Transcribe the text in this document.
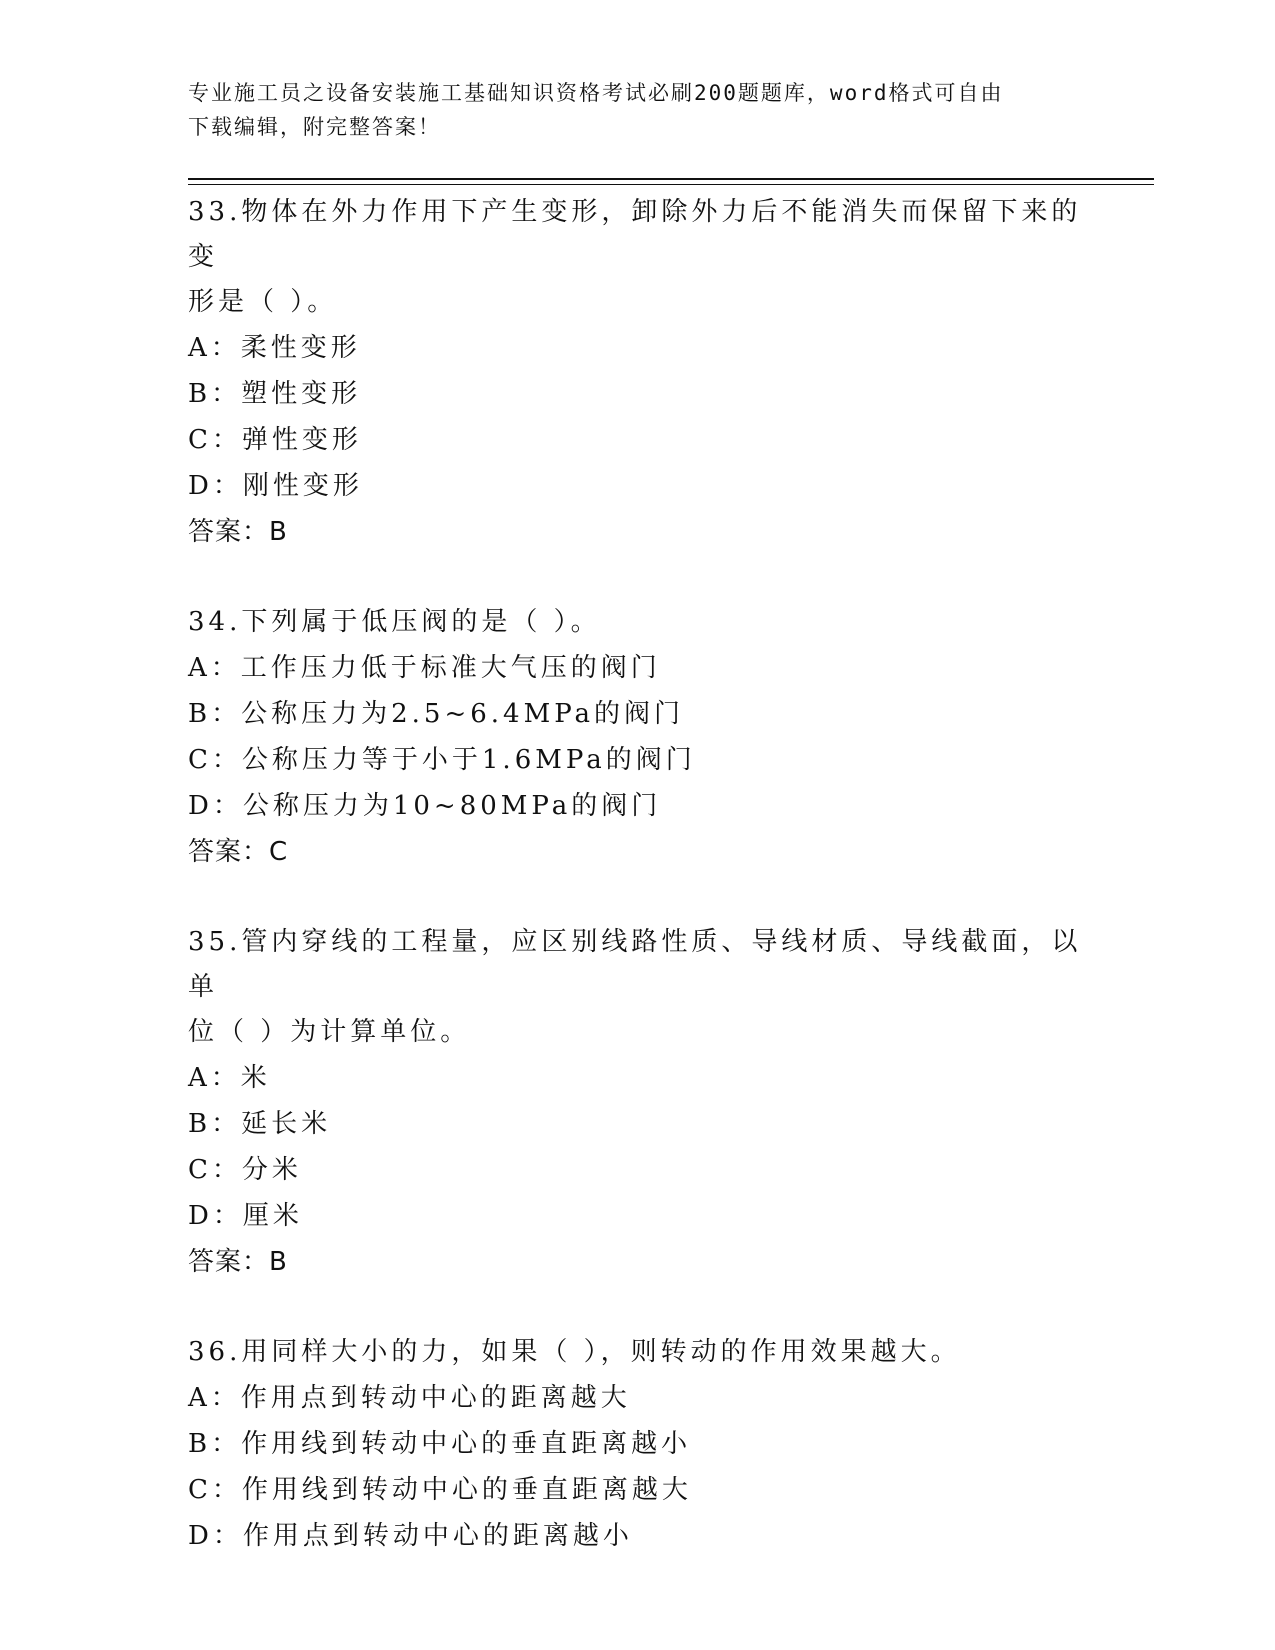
专业施工员之设备安装施工基础知识资格考试必刷200题题库，word格式可自由
下载编辑，附完整答案！
33.物体在外力作用下产生变形，卸除外力后不能消失而保留下来的变
形是（ ）。
A：柔性变形
B：塑性变形
C：弹性变形
D：刚性变形
答案：B
34.下列属于低压阀的是（ ）。
A：工作压力低于标准大气压的阀门
B：公称压力为2.5~6.4MPa的阀门
C：公称压力等于小于1.6MPa的阀门
D：公称压力为10~80MPa的阀门
答案：C
35.管内穿线的工程量，应区别线路性质、导线材质、导线截面，以单
位（ ）为计算单位。
A：米
B：延长米
C：分米
D：厘米
答案：B
36.用同样大小的力，如果（ ），则转动的作用效果越大。
A：作用点到转动中心的距离越大
B：作用线到转动中心的垂直距离越小
C：作用线到转动中心的垂直距离越大
D：作用点到转动中心的距离越小
